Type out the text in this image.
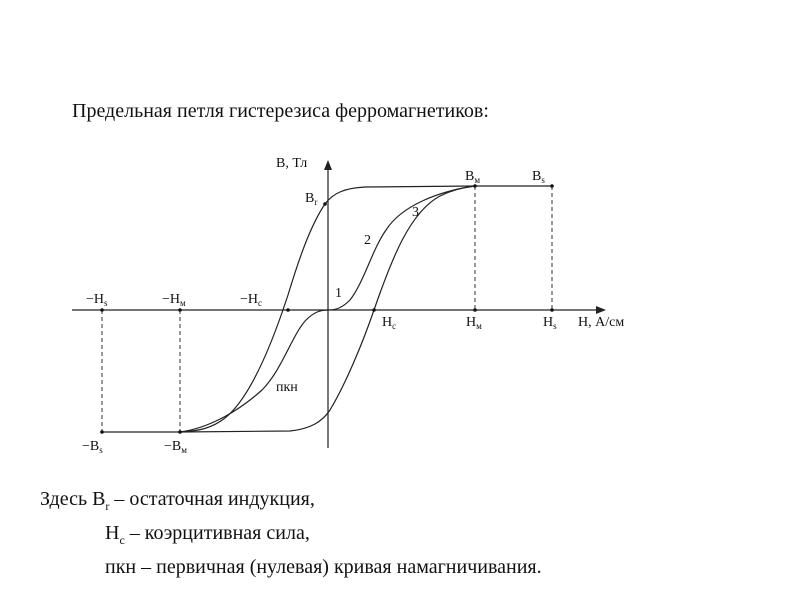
Предельная петля гистерезиса ферромагнетиков:
B, Тл
H, А/см
$B_r$
$B_м$	$B_s$
$-B_s$	$-B_м$
$-H_s$	$-H_м$	$-H_c$
$H_c$	$H_м$	$H_s$
1
2
3
пкн
Здесь $B_r$ – остаточная индукция,
$H_c$ – коэрцитивная сила,
пкн – первичная (нулевая) кривая намагничивания.
